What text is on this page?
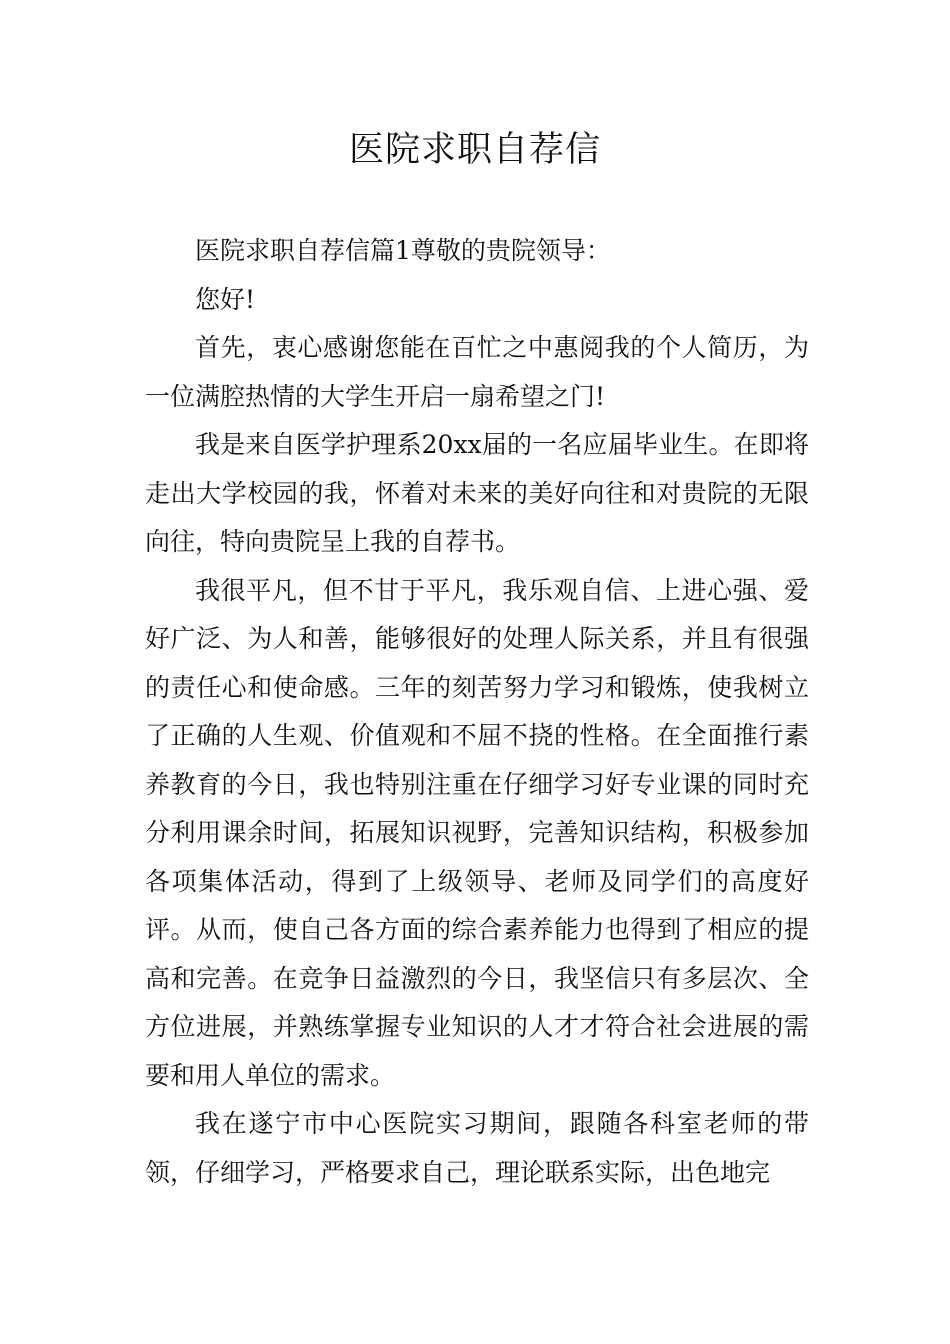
医院求职自荐信

医院求职自荐信篇1尊敬的贵院领导：

您好!

首先，衷心感谢您能在百忙之中惠阅我的个人简历，为一位满腔热情的大学生开启一扇希望之门!

我是来自医学护理系20xx届的一名应届毕业生。在即将走出大学校园的我，怀着对未来的美好向往和对贵院的无限向往，特向贵院呈上我的自荐书。

我很平凡，但不甘于平凡，我乐观自信、上进心强、爱好广泛、为人和善，能够很好的处理人际关系，并且有很强的责任心和使命感。三年的刻苦努力学习和锻炼，使我树立了正确的人生观、价值观和不屈不挠的性格。在全面推行素养教育的今日，我也特别注重在仔细学习好专业课的同时充分利用课余时间，拓展知识视野，完善知识结构，积极参加各项集体活动，得到了上级领导、老师及同学们的高度好评。从而，使自己各方面的综合素养能力也得到了相应的提高和完善。在竞争日益激烈的今日，我坚信只有多层次、全方位进展，并熟练掌握专业知识的人才才符合社会进展的需要和用人单位的需求。

我在遂宁市中心医院实习期间，跟随各科室老师的带领，仔细学习，严格要求自己，理论联系实际，出色地完
